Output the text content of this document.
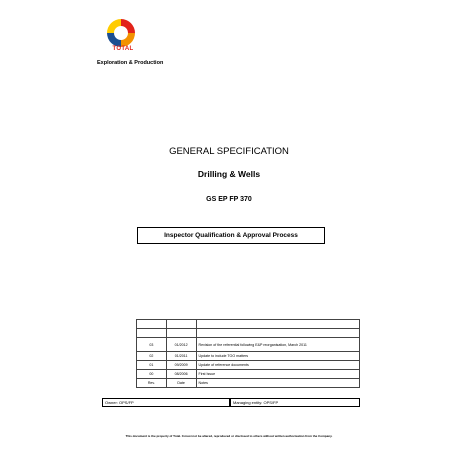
TOTAL
Exploration & Production
GENERAL SPECIFICATION
Drilling & Wells
GS EP FP 370
Inspector Qualification & Approval Process

03	01/2012	Revision of the referential following E&P reorganisation, March 2011
02	01/2011	Update to include TOO matters
01	09/2009	Update of reference documents
00	08/2006	First Issue
Rev.	Date	Notes
Owner: OPS/FP	Managing entity: OPS/FP
This document is the property of Total. It must not be altered, reproduced or disclosed to others without written authorisation from the Company.
